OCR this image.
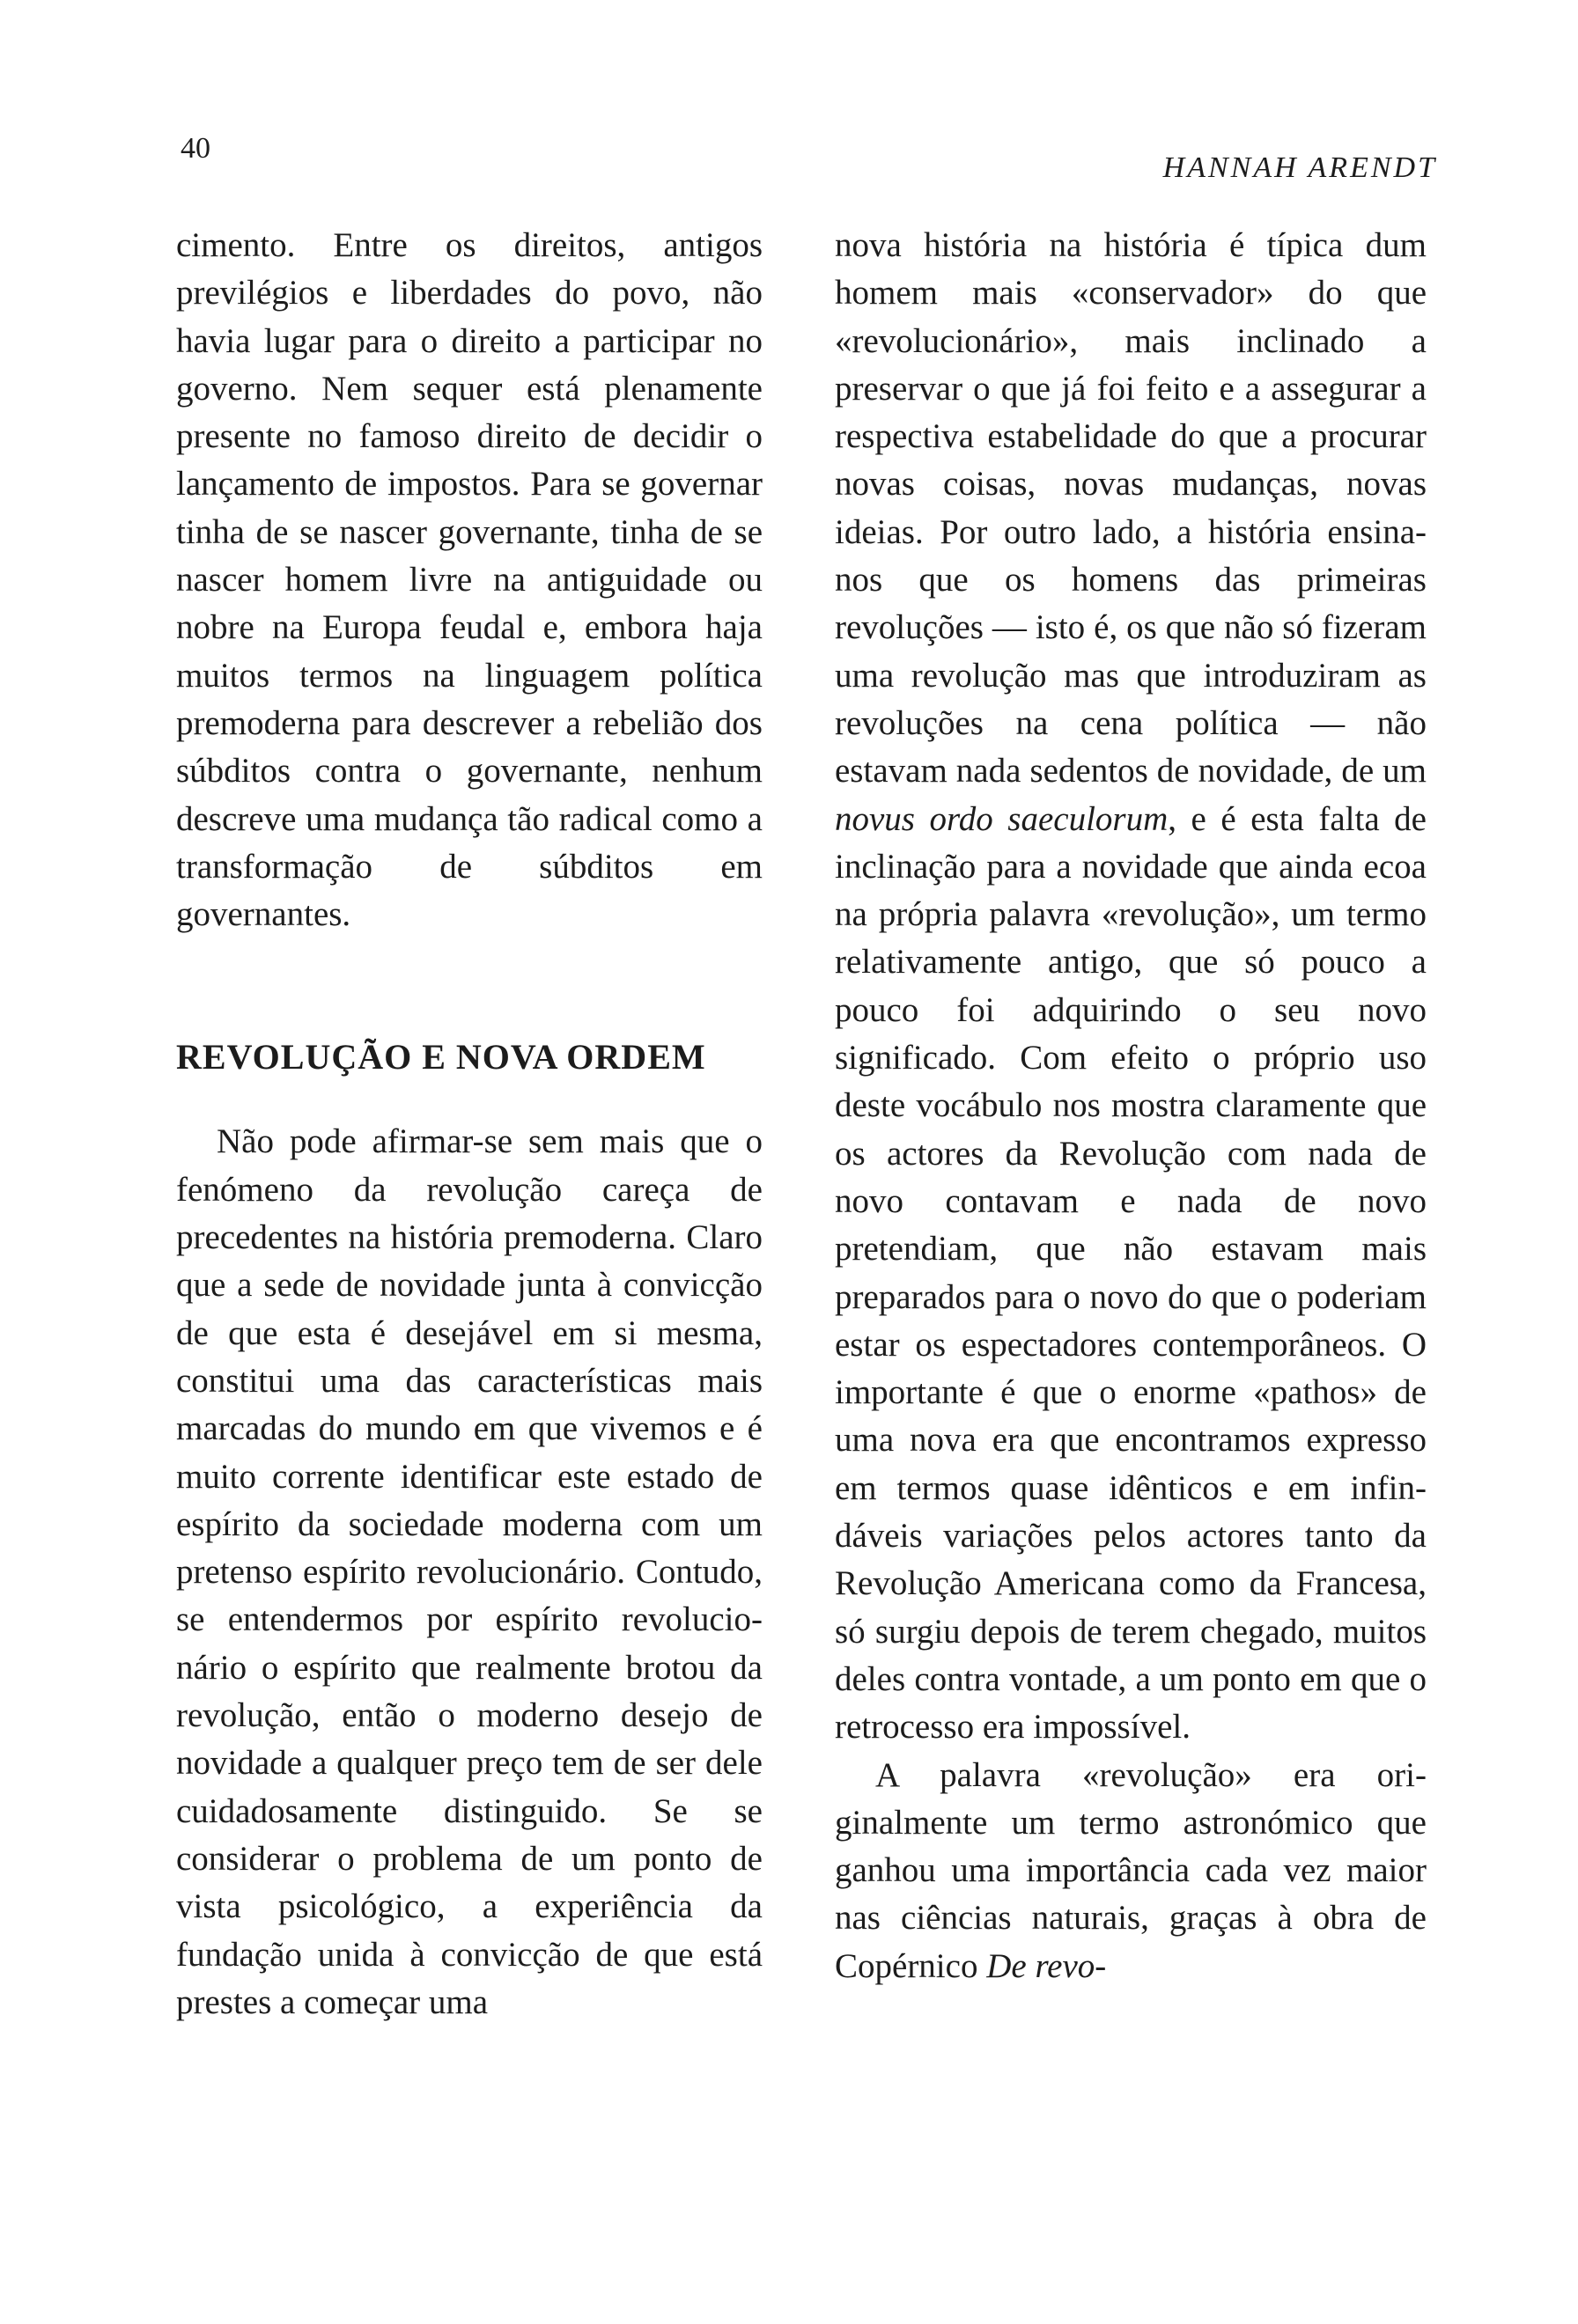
40
HANNAH ARENDT

cimento. Entre os direitos, antigos previlégios e liberdades do povo, não havia lugar para o direito a participar no governo. Nem sequer está plenamente presente no famoso direito de decidir o lançamento de impostos. Para se governar tinha de se nascer governante, tinha de se nascer homem livre na antiguidade ou nobre na Europa feudal e, embora haja muitos termos na linguagem política premoderna para descrever a rebelião dos súbditos contra o governante, nenhum descreve uma mudança tão radical como a transformação de súbditos em governantes.

REVOLUÇÃO E NOVA ORDEM

Não pode afirmar-se sem mais que o fenómeno da revolução careça de precedentes na história premoderna. Claro que a sede de novidade junta à convicção de que esta é desejável em si mesma, constitui uma das características mais marcadas do mundo em que vivemos e é muito corrente identificar este estado de espírito da sociedade moderna com um pretenso espírito revolucionário. Contudo, se entendermos por espírito revolucionário o espírito que realmente brotou da revolução, então o moderno desejo de novidade a qualquer preço tem de ser dele cuidadosamente distinguido. Se se considerar o problema de um ponto de vista psicológico, a experiência da fundação unida à convicção de que está prestes a começar uma

nova história na história é típica dum homem mais «conservador» do que «revolucionário», mais inclinado a preservar o que já foi feito e a assegurar a respectiva estabelidade do que a procurar novas coisas, novas mudanças, novas ideias. Por outro lado, a história ensina-nos que os homens das primeiras revoluções — isto é, os que não só fizeram uma revolução mas que introduziram as revoluções na cena política — não estavam nada sedentos de novidade, de um novus ordo saeculorum, e é esta falta de inclinação para a novidade que ainda ecoa na própria palavra «revolução», um termo relativamente antigo, que só pouco a pouco foi adquirindo o seu novo significado. Com efeito o próprio uso deste vocábulo nos mostra claramente que os actores da Revolução com nada de novo contavam e nada de novo pretendiam, que não estavam mais preparados para o novo do que o poderiam estar os espectadores contemporâneos. O importante é que o enorme «pathos» de uma nova era que encontramos expresso em termos quase idênticos e em infindáveis variações pelos actores tanto da Revolução Americana como da Francesa, só surgiu depois de terem chegado, muitos deles contra vontade, a um ponto em que o retrocesso era impossível.

A palavra «revolução» era originalmente um termo astronómico que ganhou uma importância cada vez maior nas ciências naturais, graças à obra de Copérnico De revo-
